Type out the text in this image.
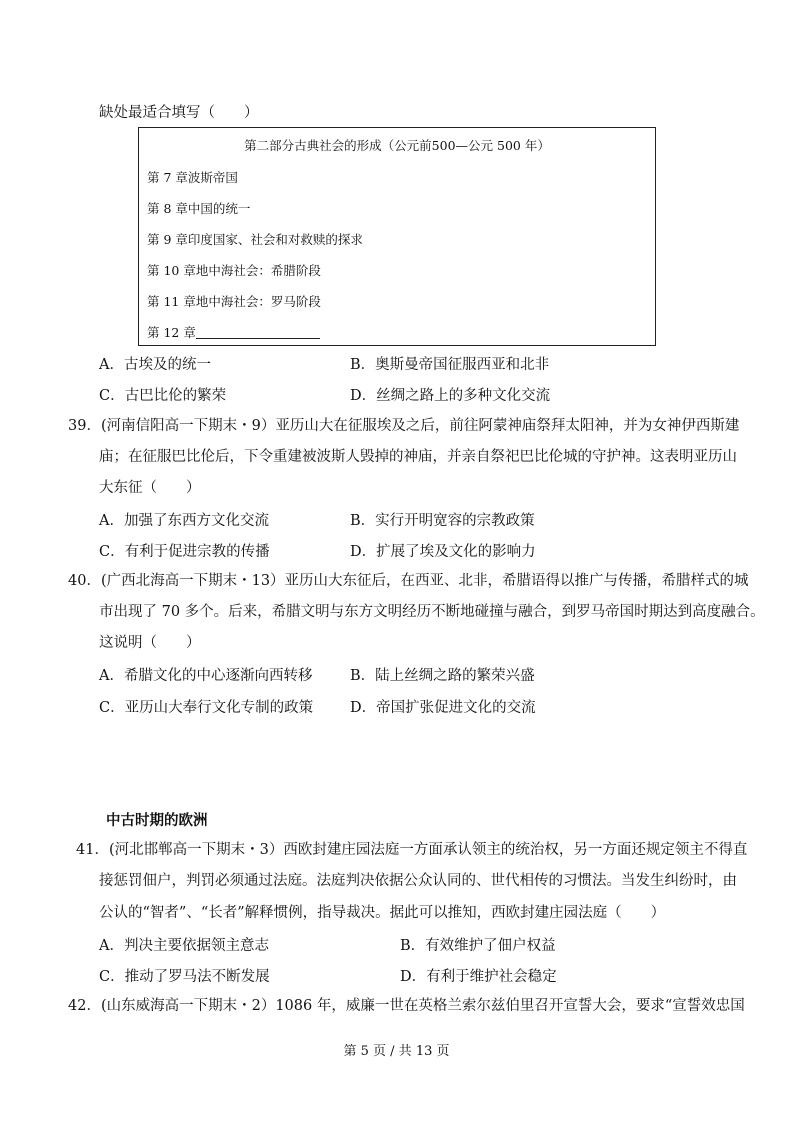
缺处最适合填写（　　）
第二部分古典社会的形成（公元前500—公元 500 年）
第 7 章波斯帝国
第 8 章中国的统一
第 9 章印度国家、社会和对救赎的探求
第 10 章地中海社会：希腊阶段
第 11 章地中海社会：罗马阶段
第 12 章
A．古埃及的统一	B．奥斯曼帝国征服西亚和北非
C．古巴比伦的繁荣	D．丝绸之路上的多种文化交流
39．(河南信阳高一下期末・9）亚历山大在征服埃及之后，前往阿蒙神庙祭拜太阳神，并为女神伊西斯建
庙；在征服巴比伦后，下令重建被波斯人毁掉的神庙，并亲自祭祀巴比伦城的守护神。这表明亚历山
大东征（　　）
A．加强了东西方文化交流	B．实行开明宽容的宗教政策
C．有利于促进宗教的传播	D．扩展了埃及文化的影响力
40．(广西北海高一下期末・13）亚历山大东征后，在西亚、北非，希腊语得以推广与传播，希腊样式的城
市出现了 70 多个。后来，希腊文明与东方文明经历不断地碰撞与融合，到罗马帝国时期达到高度融合。
这说明（　　）
A．希腊文化的中心逐渐向西转移	B．陆上丝绸之路的繁荣兴盛
C．亚历山大奉行文化专制的政策	D．帝国扩张促进文化的交流
中古时期的欧洲
41．(河北邯郸高一下期末・3）西欧封建庄园法庭一方面承认领主的统治权，另一方面还规定领主不得直
接惩罚佃户，判罚必须通过法庭。法庭判决依据公众认同的、世代相传的习惯法。当发生纠纷时，由
公认的“智者”、“长者”解释惯例，指导裁决。据此可以推知，西欧封建庄园法庭（　　）
A．判决主要依据领主意志	B．有效维护了佃户权益
C．推动了罗马法不断发展	D．有利于维护社会稳定
42．(山东威海高一下期末・2）1086 年，威廉一世在英格兰索尔兹伯里召开宣誓大会，要求“宣誓效忠国
第 5 页 / 共 13 页
